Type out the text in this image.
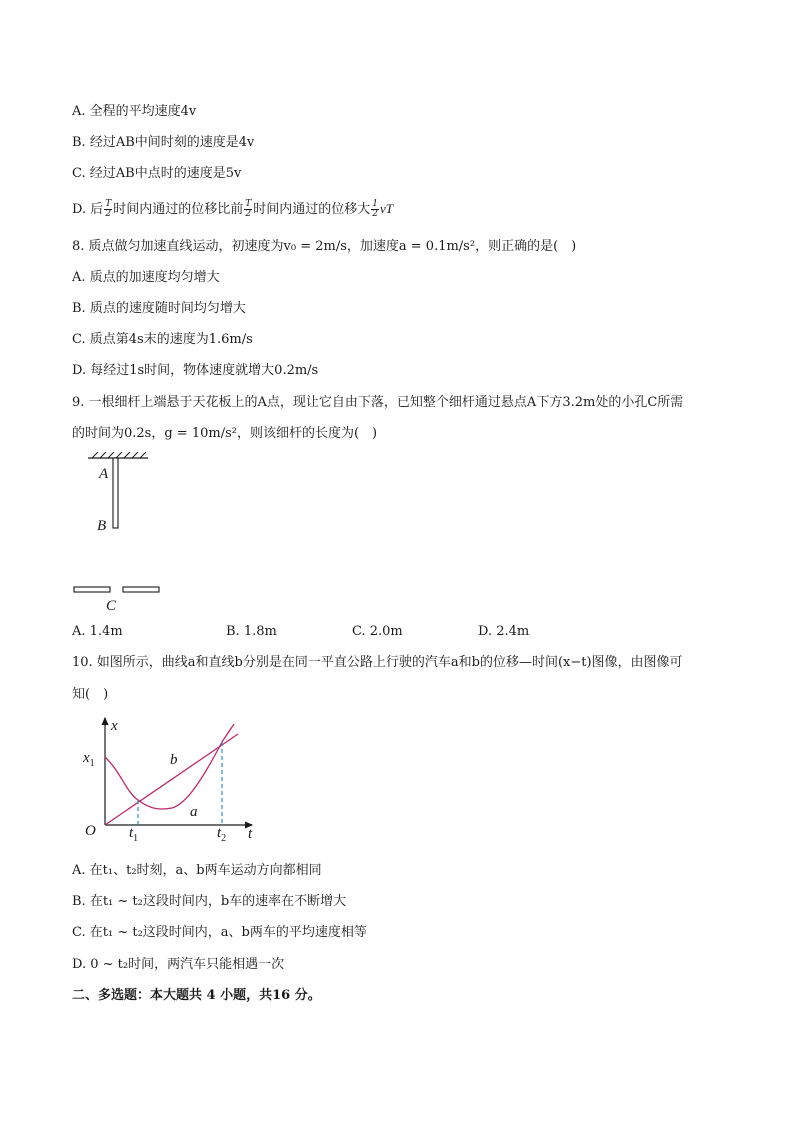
A. 全程的平均速度4v
B. 经过AB中间时刻的速度是4v
C. 经过AB中点时的速度是5v
D. 后 $\frac{T}{2}$ 时间内通过的位移比前 $\frac{T}{2}$ 时间内通过的位移大 $\frac{1}{2}$ vT
8. 质点做匀加速直线运动，初速度为v₀ = 2m/s，加速度a = 0.1m/s²，则正确的是(　)
A. 质点的加速度均匀增大
B. 质点的速度随时间均匀增大
C. 质点第4s末的速度为1.6m/s
D. 每经过1s时间，物体速度就增大0.2m/s
9. 一根细杆上端悬于天花板上的A点，现让它自由下落，已知整个细杆通过悬点A下方3.2m处的小孔C所需
的时间为0.2s，g = 10m/s²，则该细杆的长度为(　)
A
B
C
A. 1.4m	B. 1.8m	C. 2.0m	D. 2.4m
10. 如图所示，曲线a和直线b分别是在同一平直公路上行驶的汽车a和b的位移—时间(x−t)图像，由图像可
知(　)
x
t
O
$x_1$
$t_1$	$t_2$
b
a
A. 在t₁、t₂时刻，a、b两车运动方向都相同
B. 在t₁ ~ t₂这段时间内，b车的速率在不断增大
C. 在t₁ ~ t₂这段时间内，a、b两车的平均速度相等
D. 0 ~ t₂时间，两汽车只能相遇一次
二、多选题：本大题共 4 小题，共16 分。
